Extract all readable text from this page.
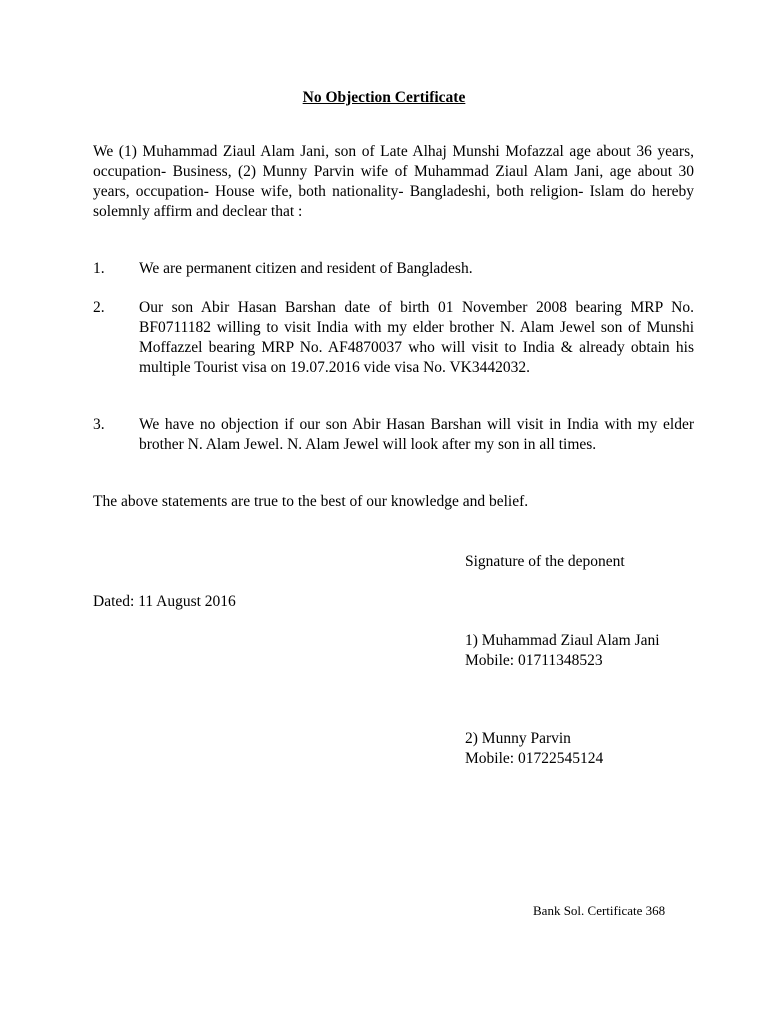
No Objection Certificate
We (1) Muhammad Ziaul Alam Jani, son of Late Alhaj Munshi Mofazzal age about 36 years, occupation- Business, (2) Munny Parvin wife of Muhammad Ziaul Alam Jani, age about 30 years, occupation- House wife, both nationality- Bangladeshi, both religion- Islam do hereby solemnly affirm and declear that :
1. We are permanent citizen and resident of Bangladesh.
2. Our son Abir Hasan Barshan date of birth 01 November 2008 bearing MRP No. BF0711182 willing to visit India with my elder brother N. Alam Jewel son of Munshi Moffazzel bearing MRP No. AF4870037 who will visit to India & already obtain his multiple Tourist visa on 19.07.2016 vide visa No. VK3442032.
3. We have no objection if our son Abir Hasan Barshan will visit in India with my elder brother N. Alam Jewel. N. Alam Jewel will look after my son in all times.
The above statements are true to the best of our knowledge and belief.
Signature of the deponent
Dated: 11 August 2016
1) Muhammad Ziaul Alam Jani
Mobile: 01711348523
2) Munny Parvin
Mobile: 01722545124
Bank Sol. Certificate 368
